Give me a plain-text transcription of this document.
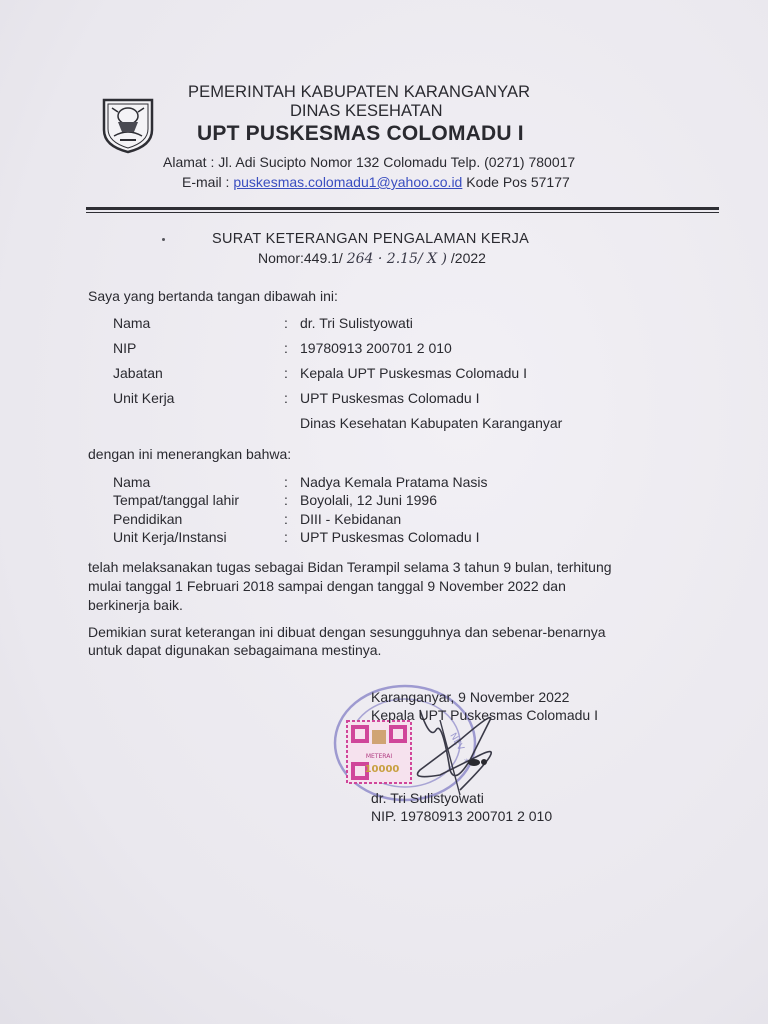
PEMERINTAH KABUPATEN KARANGANYAR
DINAS KESEHATAN
UPT PUSKESMAS COLOMADU I
Alamat : Jl. Adi Sucipto Nomor 132 Colomadu Telp. (0271) 780017
E-mail : puskesmas.colomadu1@yahoo.co.id Kode Pos 57177
SURAT KETERANGAN PENGALAMAN KERJA
Nomor:449.1/ 264 · 2.15/ X ) /2022
Saya yang bertanda tangan dibawah ini:
Nama	: dr. Tri Sulistyowati
NIP	: 19780913 200701 2 010
Jabatan	: Kepala UPT Puskesmas Colomadu I
Unit Kerja	: UPT Puskesmas Colomadu I
Dinas Kesehatan Kabupaten Karanganyar
dengan ini menerangkan bahwa:
Nama	: Nadya Kemala Pratama Nasis
Tempat/tanggal lahir	: Boyolali, 12 Juni 1996
Pendidikan	: DIII - Kebidanan
Unit Kerja/Instansi	: UPT Puskesmas Colomadu I
telah melaksanakan tugas sebagai Bidan Terampil selama 3 tahun 9 bulan, terhitung
mulai tanggal 1 Februari 2018 sampai dengan tanggal 9 November 2022 dan
berkinerja baik.
Demikian surat keterangan ini dibuat dengan sesungguhnya dan sebenar-benarnya
untuk dapat digunakan sebagaimana mestinya.
NEV
*
METERAI
10000
Karanganyar, 9 November 2022
Kepala UPT Puskesmas Colomadu I
dr. Tri Sulistyowati
NIP. 19780913 200701 2 010
